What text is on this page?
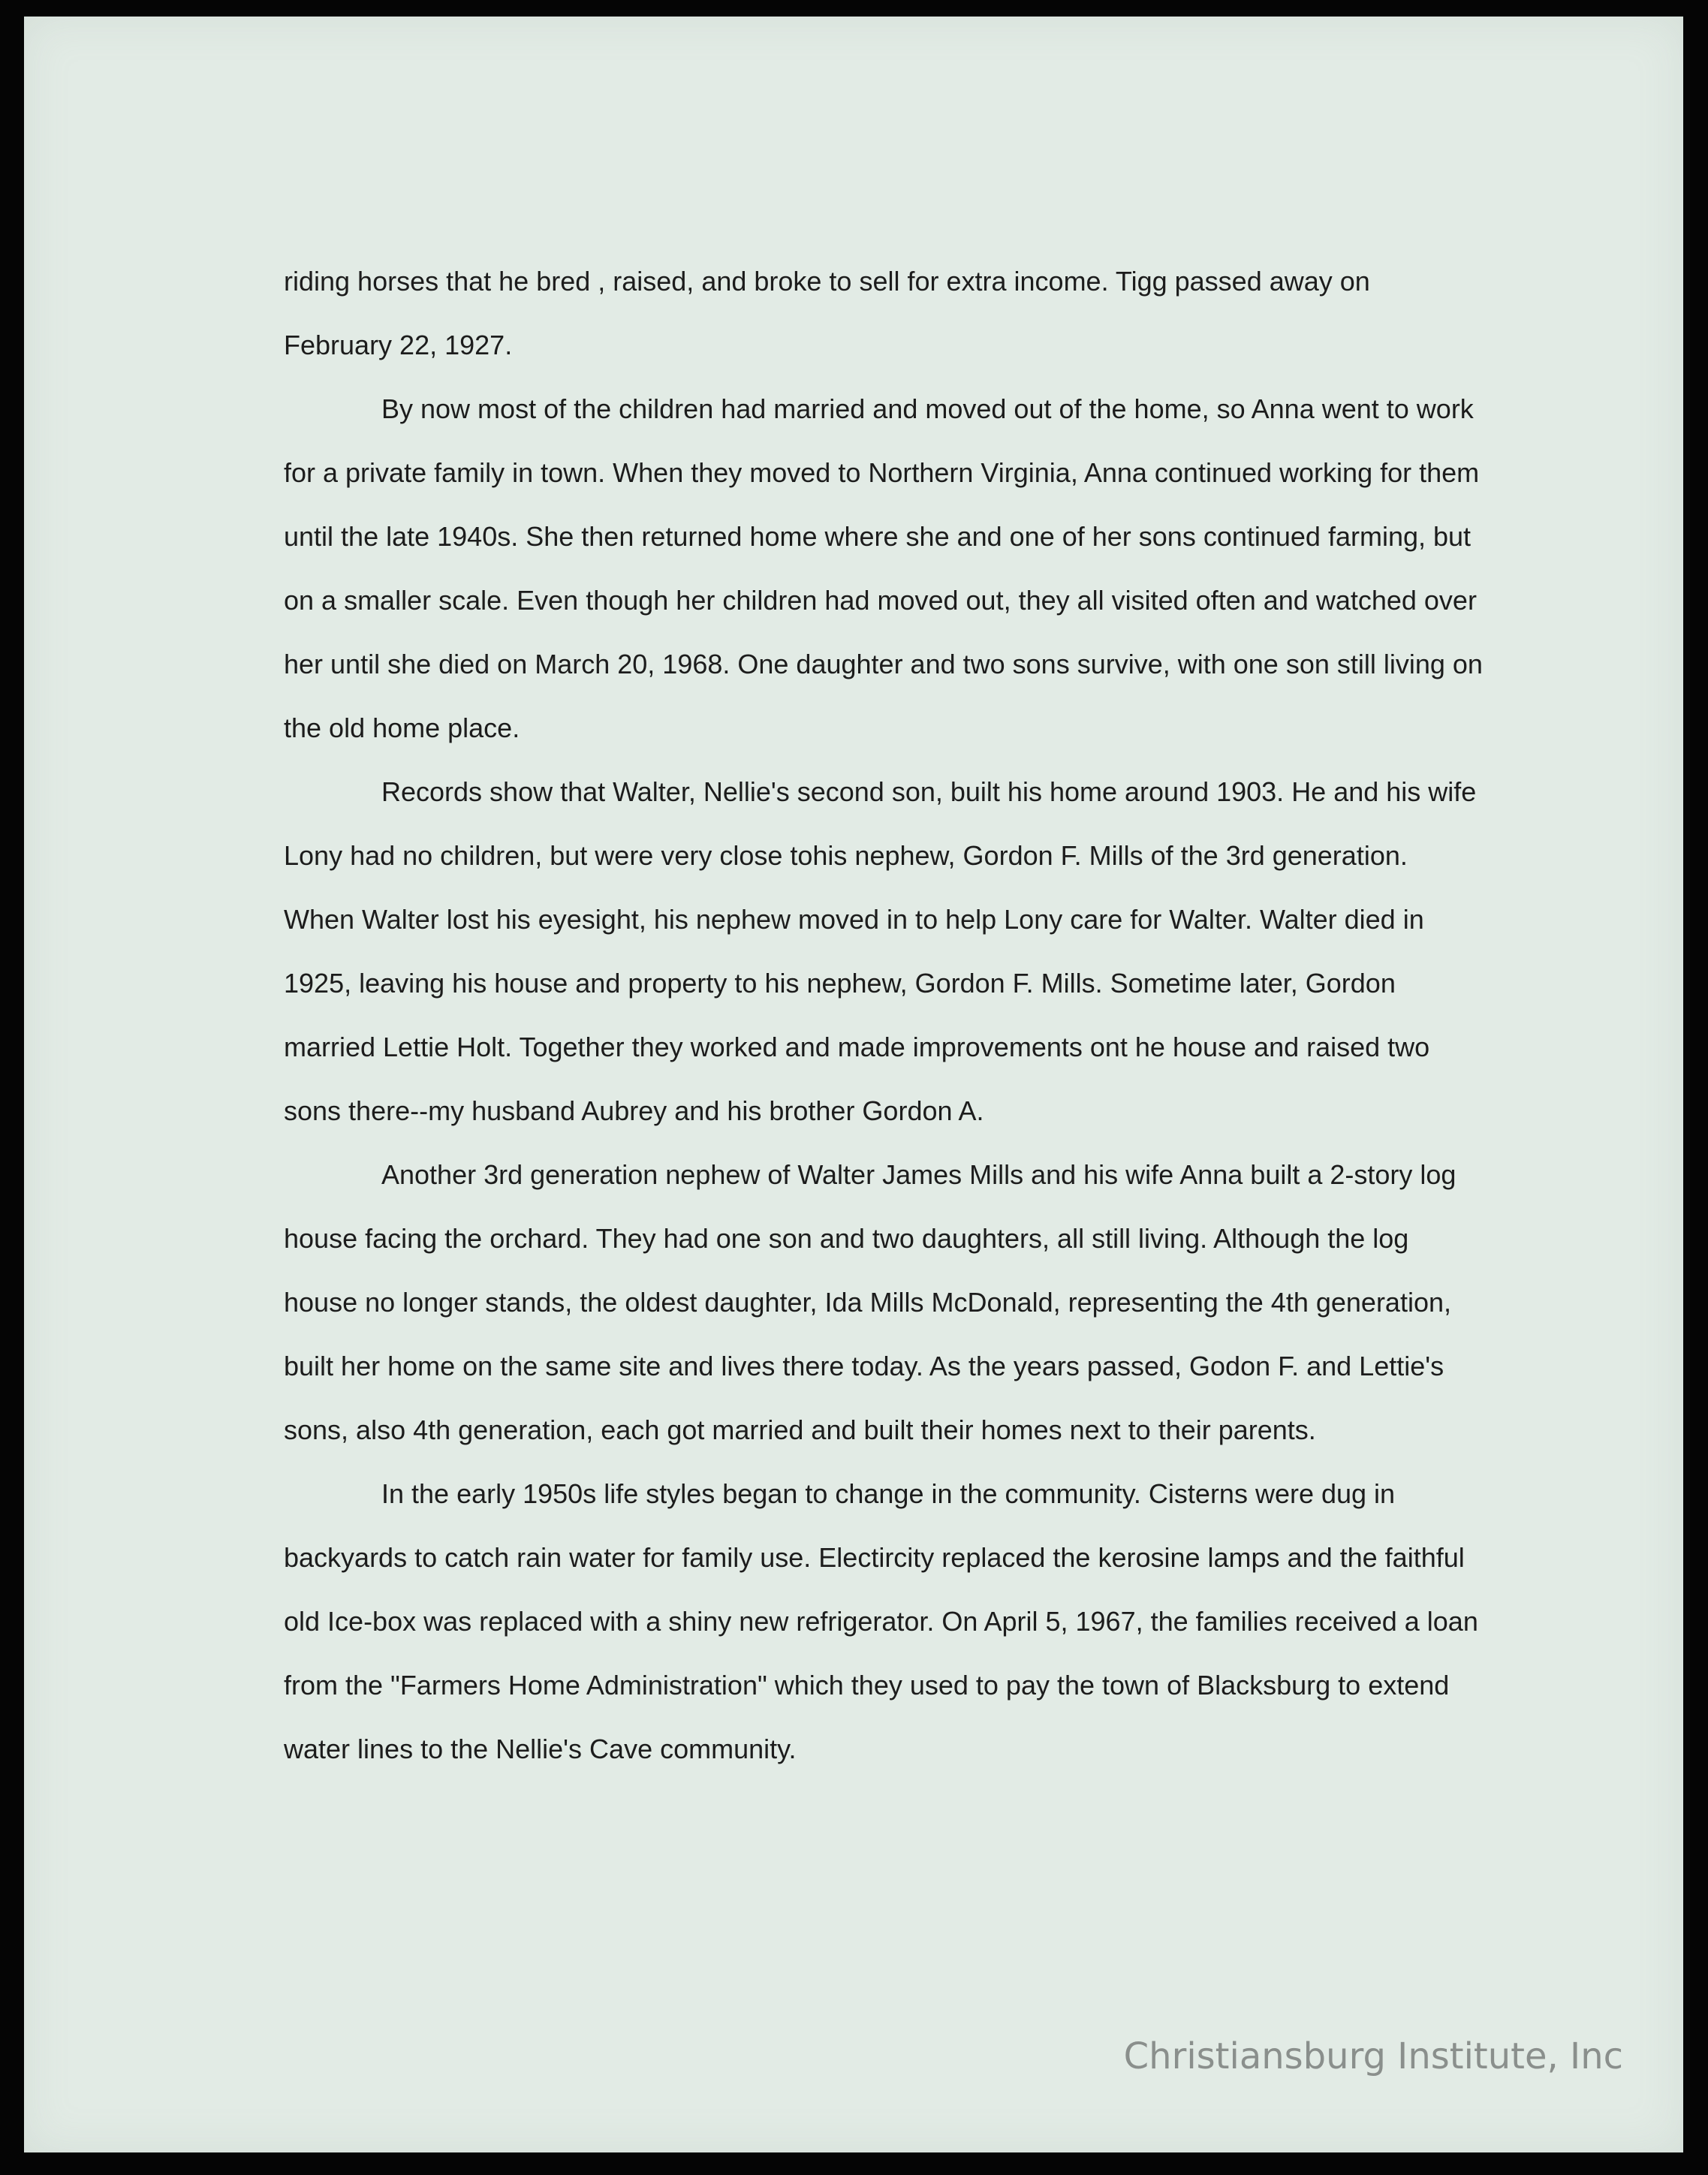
riding horses that he bred , raised, and broke to sell for extra income. Tigg passed away on February 22, 1927.

By now most of the children had married and moved out of the home, so Anna went to work for a private family in town. When they moved to Northern Virginia, Anna continued working for them until the late 1940s. She then returned home where she and one of her sons continued farming, but on a smaller scale. Even though her children had moved out, they all visited often and watched over her until she died on March 20, 1968. One daughter and two sons survive, with one son still living on the old home place.

Records show that Walter, Nellie's second son, built his home around 1903. He and his wife Lony had no children, but were very close tohis nephew, Gordon F. Mills of the 3rd generation. When Walter lost his eyesight, his nephew moved in to help Lony care for Walter. Walter died in 1925, leaving his house and property to his nephew, Gordon F. Mills. Sometime later, Gordon married Lettie Holt. Together they worked and made improvements ont he house and raised two sons there--my husband Aubrey and his brother Gordon A.

Another 3rd generation nephew of Walter James Mills and his wife Anna built a 2-story log house facing the orchard. They had one son and two daughters, all still living. Although the log house no longer stands, the oldest daughter, Ida Mills McDonald, representing the 4th generation, built her home on the same site and lives there today. As the years passed, Godon F. and Lettie's sons, also 4th generation, each got married and built their homes next to their parents.

In the early 1950s life styles began to change in the community. Cisterns were dug in backyards to catch rain water for family use. Electircity replaced the kerosine lamps and the faithful old Ice-box was replaced with a shiny new refrigerator. On April 5, 1967, the families received a loan from the "Farmers Home Administration" which they used to pay the town of Blacksburg to extend water lines to the Nellie's Cave community.

Christiansburg Institute, Inc
